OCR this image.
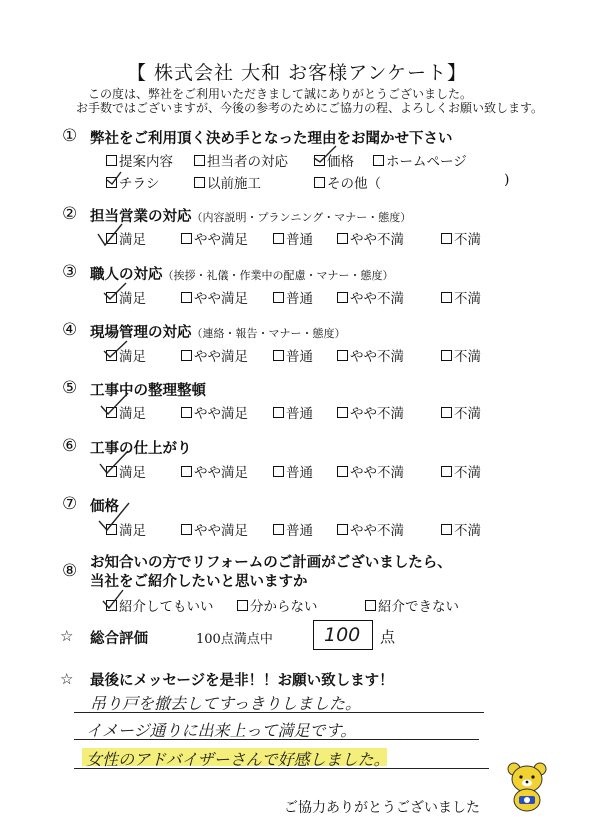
【 株式会社 大和 お客様アンケート】
この度は、弊社をご利用いただきまして誠にありがとうございました。
お手数ではございますが、今後の参考のためにご協力の程、よろしくお願い致します。
① 弊社をご利用頂く決め手となった理由をお聞かせ下さい
提案内容	担当者の対応	価格 ホームページ
チラシ	以前施工	その他（	)
② 担当営業の対応（内容説明・プランニング・マナー・態度）
満足	やや満足	普通	やや不満	不満
③ 職人の対応（挨拶・礼儀・作業中の配慮・マナー・態度）
満足	やや満足	普通	やや不満	不満
④ 現場管理の対応（連絡・報告・マナー・態度）
満足	やや満足	普通	やや不満	不満
⑤ 工事中の整理整頓
満足	やや満足	普通	やや不満	不満
⑥ 工事の仕上がり
満足	やや満足	普通	やや不満	不満
⑦ 価格
満足	やや満足	普通	やや不満	不満
⑧ お知合いの方でリフォームのご計画がございましたら、
当社をご紹介したいと思いますか
紹介してもいい	分からない	紹介できない
☆ 総合評価	100点満点中	100 点
☆ 最後にメッセージを是非！！お願い致します！
吊り戸を撤去してすっきりしました。
イメージ通りに出来上って満足です。
女性のアドバイザーさんで好感しました。
ご協力ありがとうございました
